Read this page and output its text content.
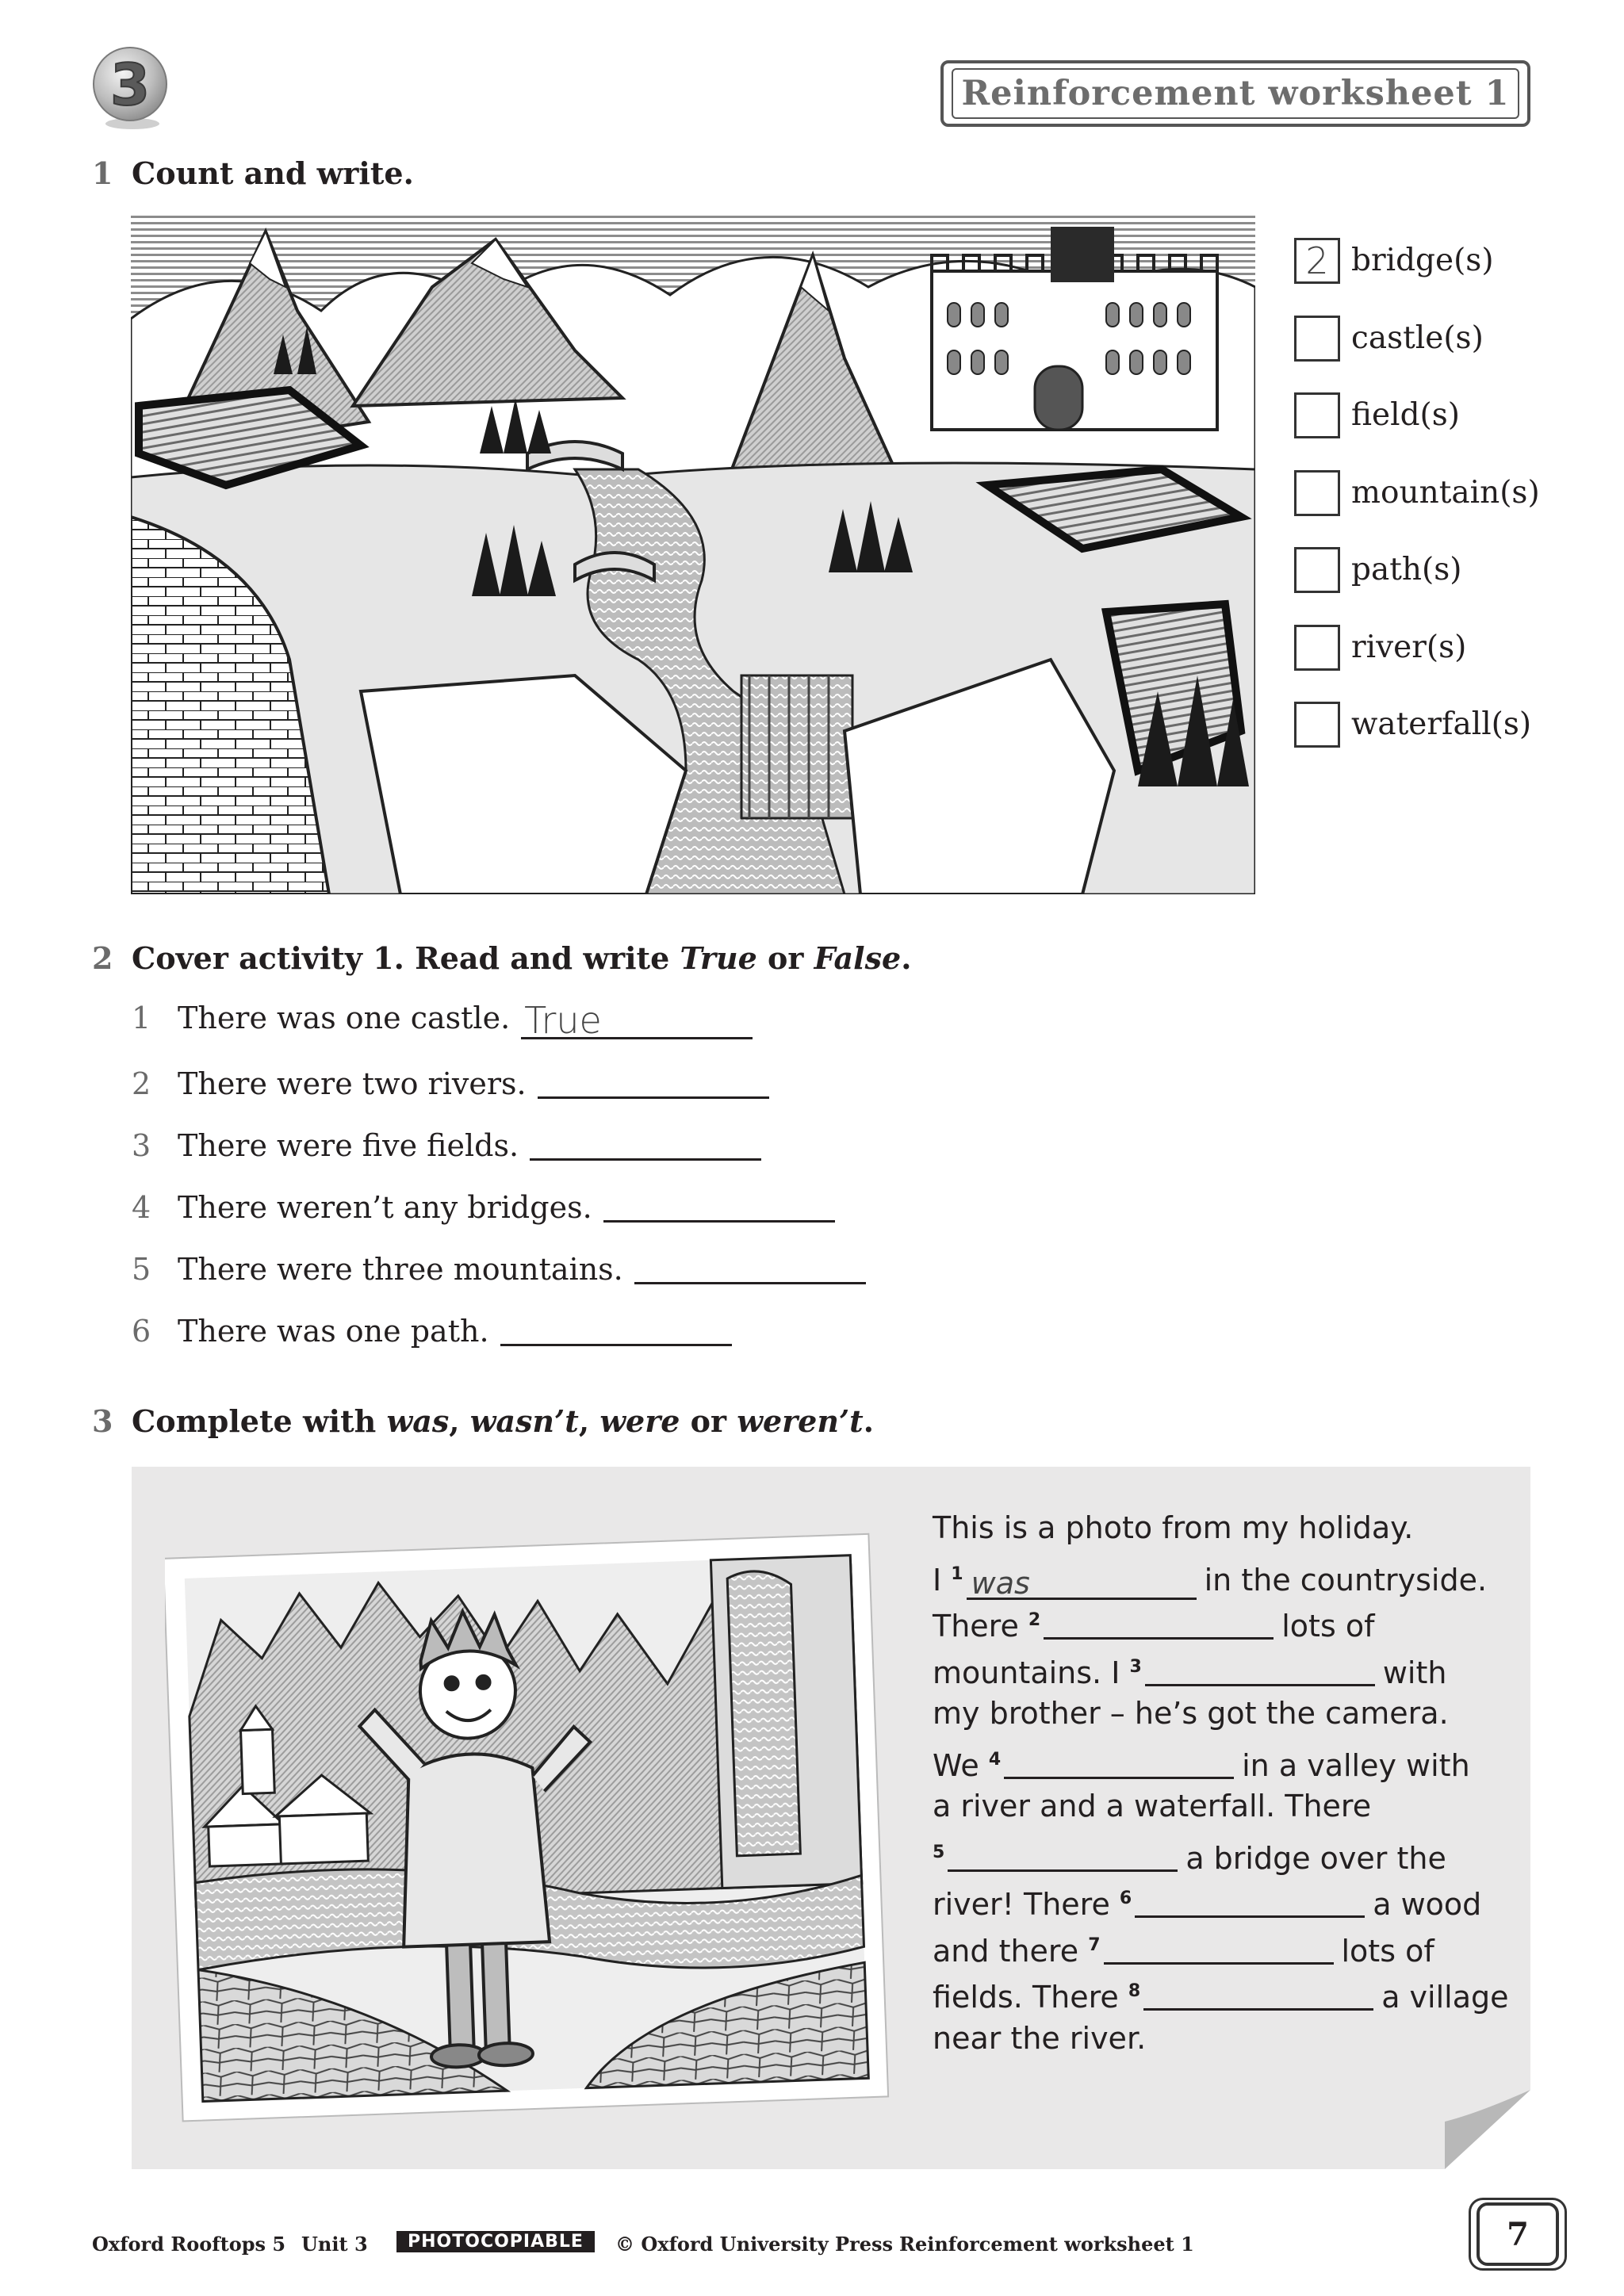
3	Reinforcement worksheet 1
1 Count and write.
2 bridge(s)
castle(s)
field(s)
mountain(s)
path(s)
river(s)
waterfall(s)
2 Cover activity 1. Read and write True or False.
1 There was one castle. True
2 There were two rivers.
3 There were five fields.
4 There weren’t any bridges.
5 There were three mountains.
6 There was one path.
3 Complete with was, wasn’t, were or weren’t.
This is a photo from my holiday.
I $^1$ was	in the countryside.
There $^2$	lots of
mountains. I $^3$	with
my brother – he’s got the camera.
We $^4$	in a valley with
a river and a waterfall. There
$^5$	a bridge over the
river! There $^6$	a wood
and there $^7$	lots of
fields. There $^8$	a village
near the river.
Oxford Rooftops 5 Unit 3	PHOTOCOPIABLE	© Oxford University Press Reinforcement worksheet 1	7
